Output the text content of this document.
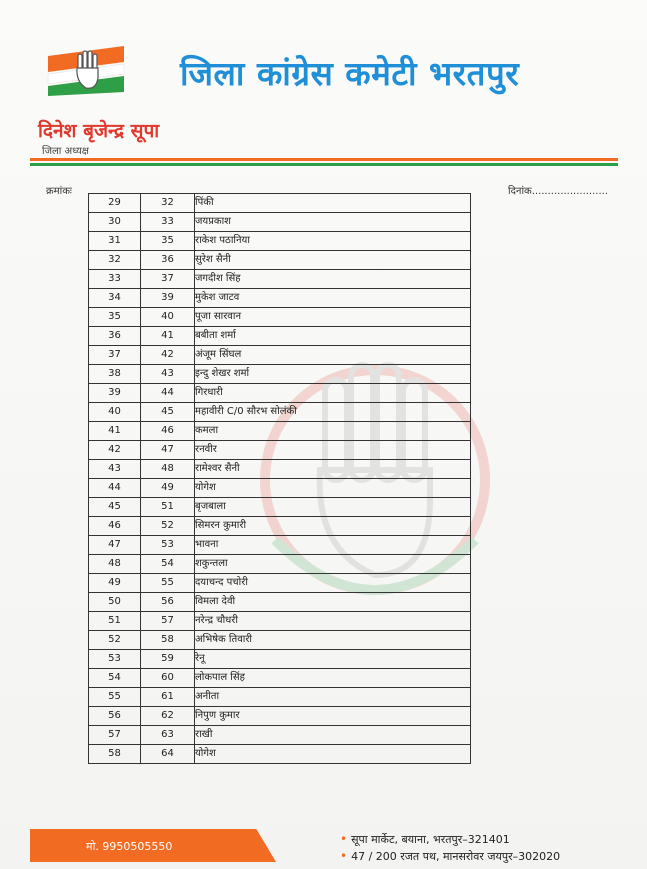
जिला कांग्रेस कमेटी भरतपुर
दिनेश बृजेन्द्र सूपा
जिला अध्यक्ष
क्रमांकः	दिनांक........................
29	32	पिंकी
30	33	जयप्रकाश
31	35	राकेश पठानिया
32	36	सुरेश सैनी
33	37	जगदीश सिंह
34	39	मुकेश जाटव
35	40	पूजा सारवान
36	41	बबीता शर्मा
37	42	अंजूम सिंघल
38	43	इन्दु शेखर शर्मा
39	44	गिरधारी
40	45	महावीरी C/0 सौरभ सोलंकी
41	46	कमला
42	47	रनवीर
43	48	रामेश्वर सैनी
44	49	योगेश
45	51	बृजबाला
46	52	सिमरन कुमारी
47	53	भावना
48	54	शकुन्तला
49	55	दयाचन्द पचोरी
50	56	विमला देवी
51	57	नरेन्द्र चौधरी
52	58	अभिषेक तिवारी
53	59	रेनू
54	60	लोकपाल सिंह
55	61	अनीता
56	62	निपुण कुमार
57	63	राखी
58	64	योगेश
मो. 9950505550
• सूपा मार्केट, बयाना, भरतपुर–321401
• 47 / 200 रजत पथ, मानसरोवर जयपुर–302020
